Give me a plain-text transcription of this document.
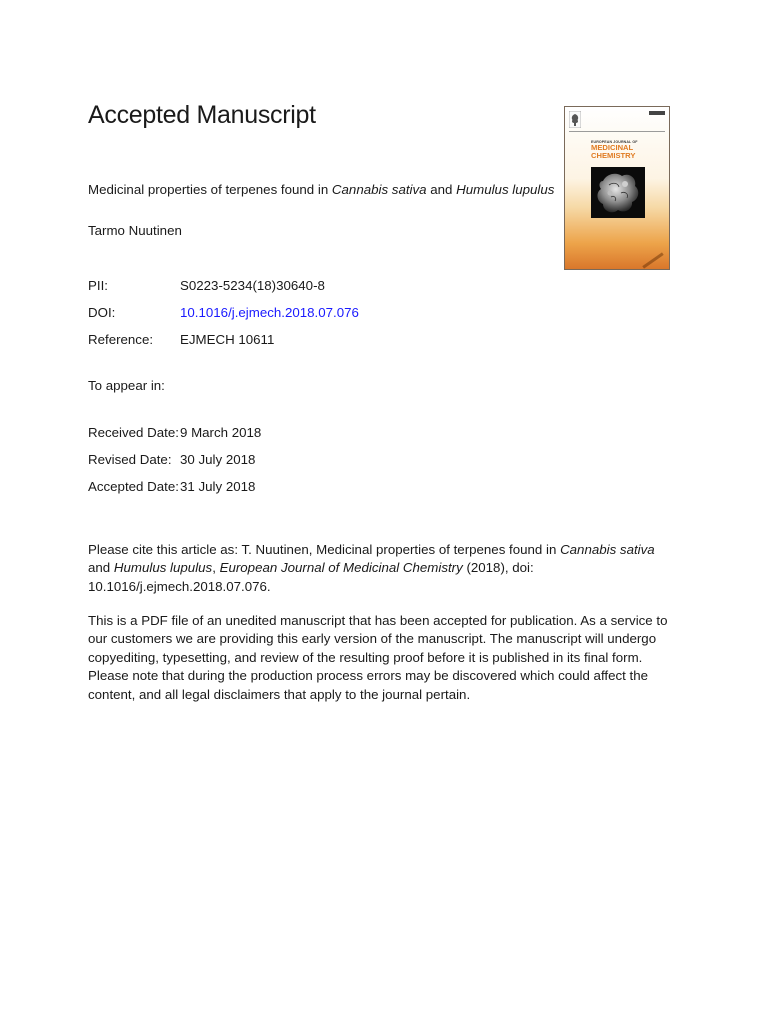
Accepted Manuscript
Medicinal properties of terpenes found in Cannabis sativa and Humulus lupulus
Tarmo Nuutinen
EUROPEAN JOURNAL OF
MEDICINAL
CHEMISTRY
PII:	S0223-5234(18)30640-8
DOI:	10.1016/j.ejmech.2018.07.076
Reference: EJMECH 10611
To appear in:
Received Date: 9 March 2018
Revised Date: 30 July 2018
Accepted Date: 31 July 2018

Please cite this article as: T. Nuutinen, Medicinal properties of terpenes found in Cannabis sativa and Humulus lupulus, European Journal of Medicinal Chemistry (2018), doi: 10.1016/j.ejmech.2018.07.076.

This is a PDF file of an unedited manuscript that has been accepted for publication. As a service to our customers we are providing this early version of the manuscript. The manuscript will undergo copyediting, typesetting, and review of the resulting proof before it is published in its final form. Please note that during the production process errors may be discovered which could affect the content, and all legal disclaimers that apply to the journal pertain.
